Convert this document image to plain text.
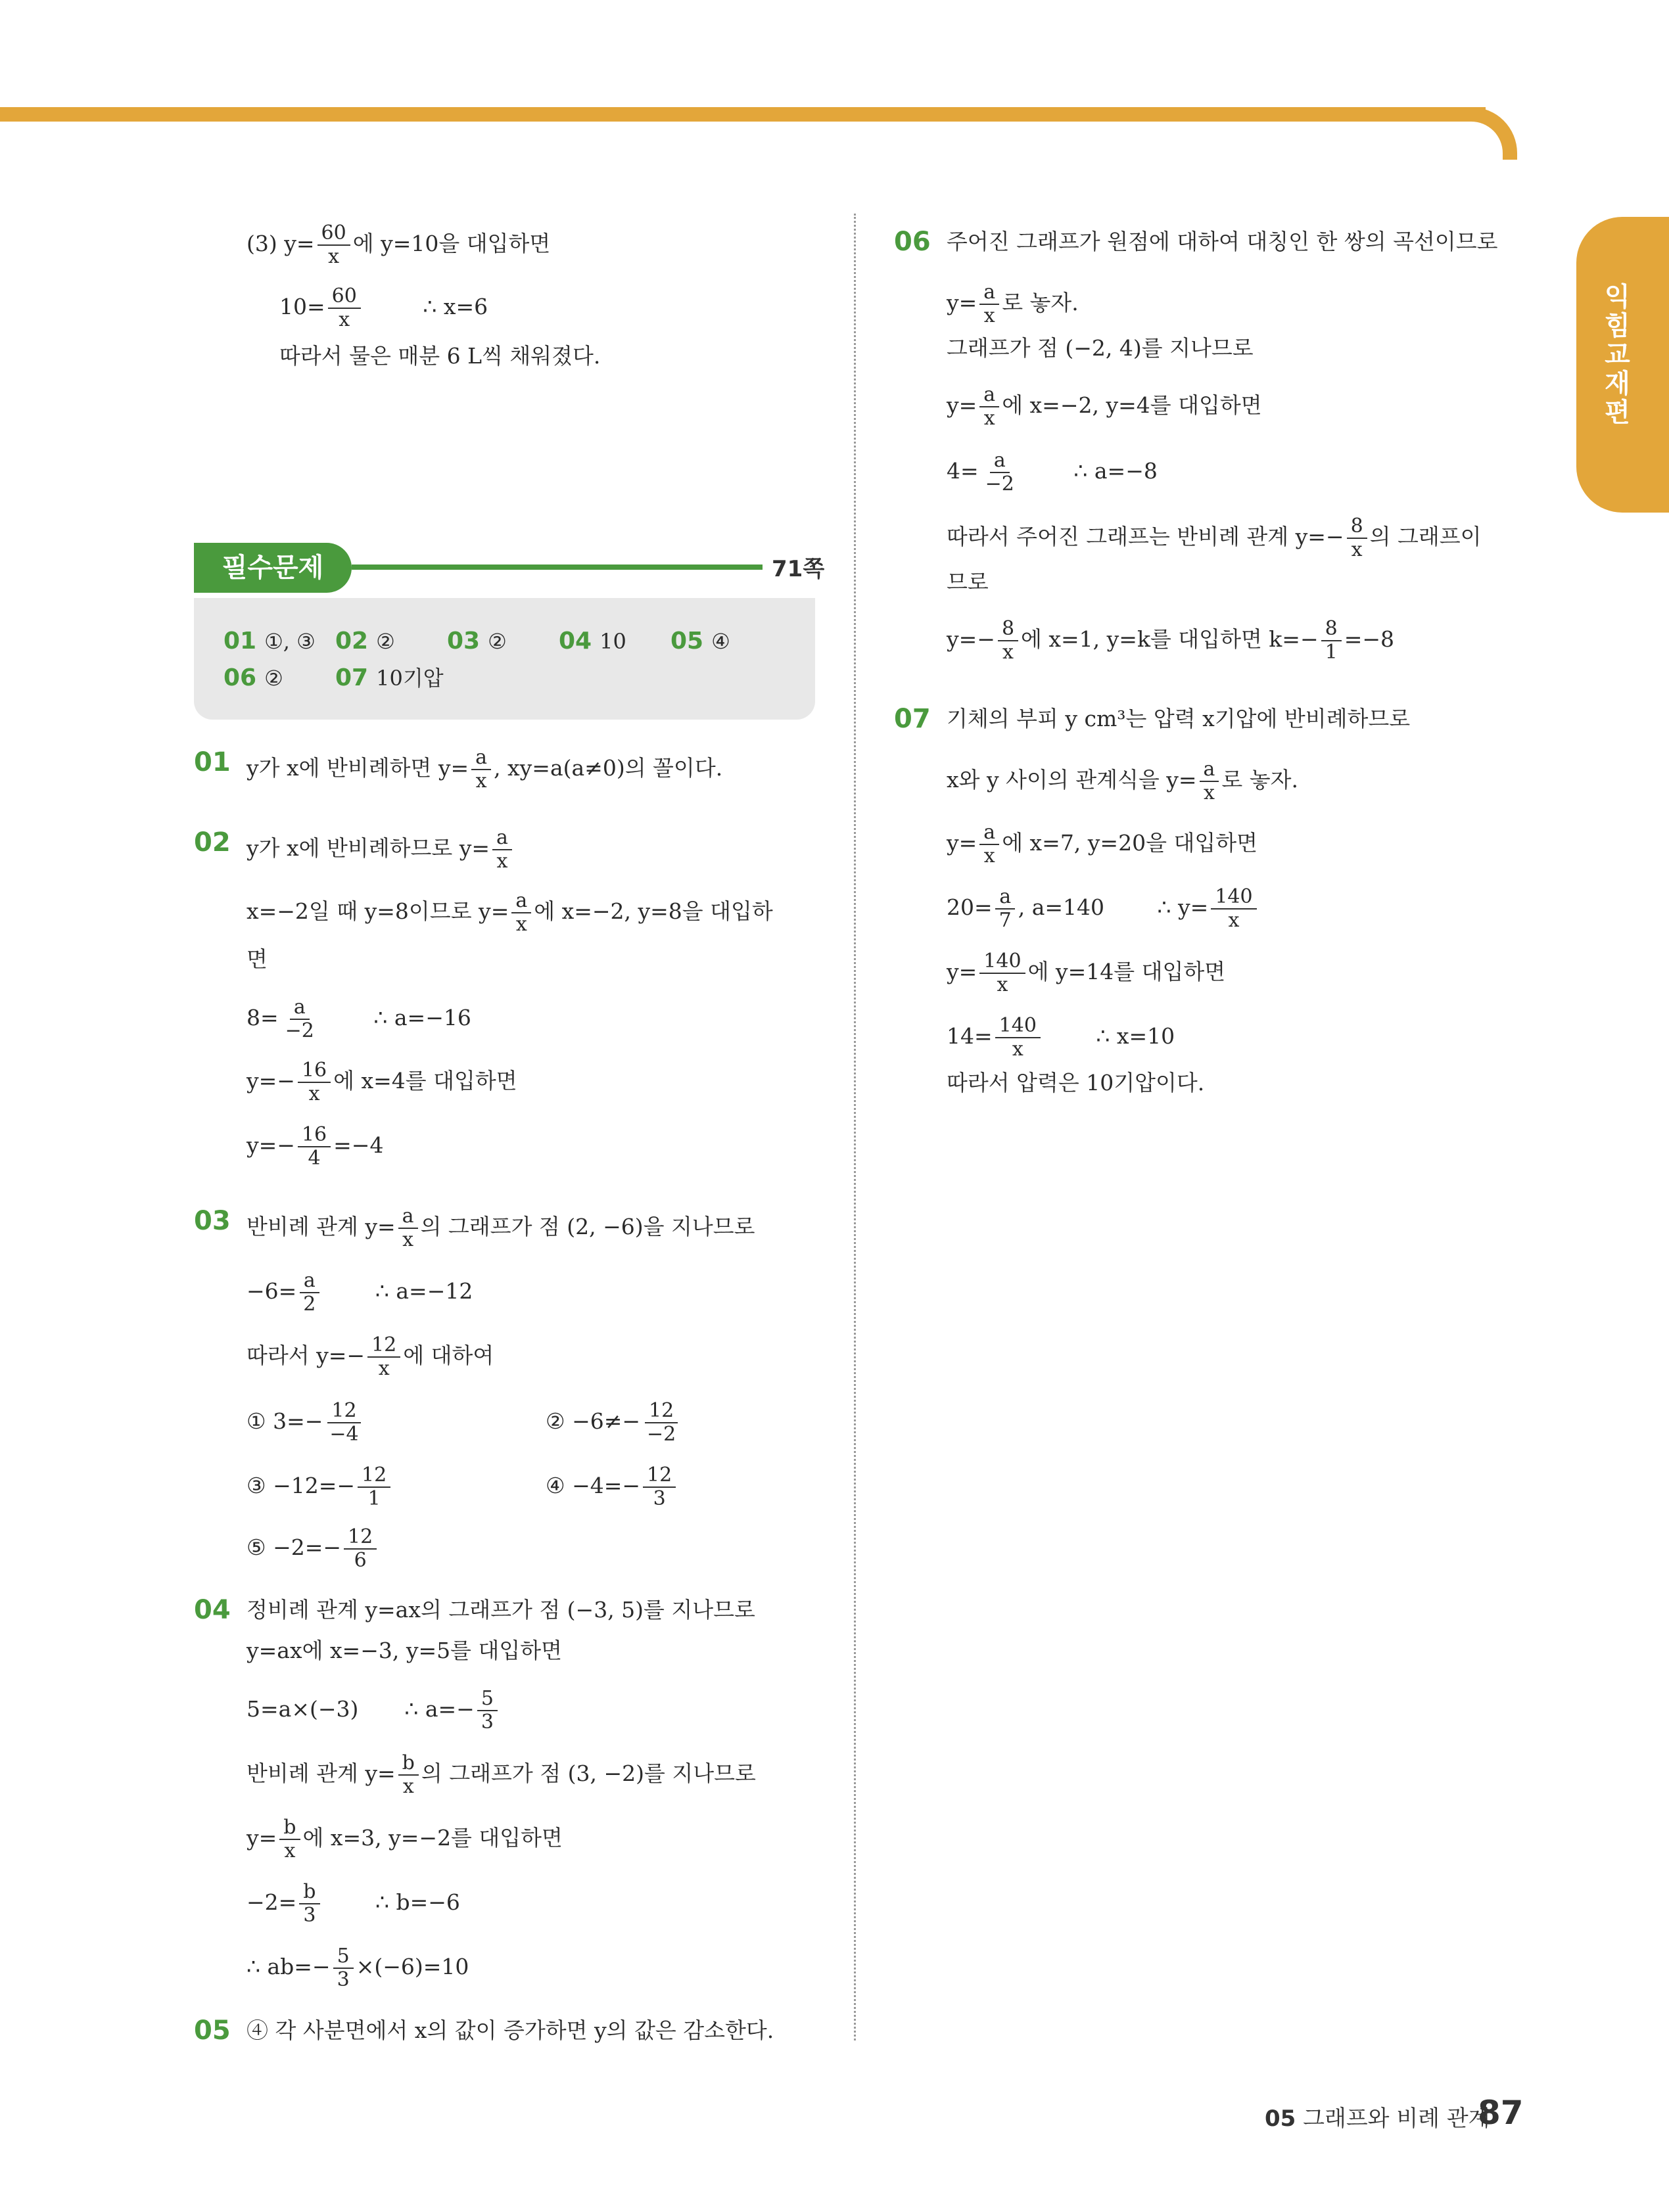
익힘교재편
(3) $y= \frac{60}{x}$ 에 y=10을 대입하면
$10= \frac{60}{x}$	∴ x=6
따라서 물은 매분 6 L씩 채워졌다.
필수문제	71쪽
01 ①, ③ 02 ② 03 ② 04 10 05 ④
06 ② 07 10기압
01 y가 x에 반비례하면 $y= \frac{a}{x}$ , xy=a(a≠0)의 꼴이다.
02 y가 x에 반비례하므로 $y= \frac{a}{x}$
x=−2일 때 y=8이므로 $y= \frac{a}{x}$ 에 x=−2, y=8을 대입하
면
$8= \frac{a}{-2}$	∴ a=−16
$y=- \frac{16}{x}$ 에 x=4를 대입하면
$y=- \frac{16}{4} =-4$
03 반비례 관계 $y= \frac{a}{x}$ 의 그래프가 점 (2, −6)을 지나므로
$-6= \frac{a}{2}$	∴ a=−12
따라서 $y=- \frac{12}{x}$ 에 대하여
① $3=- \frac{12}{-4}$	② $-6\ne- \frac{12}{-2}$
③ $-12=- \frac{12}{1}$	④ $-4=- \frac{12}{3}$
⑤ $-2=- \frac{12}{6}$
04 정비례 관계 y=ax의 그래프가 점 (−3, 5)를 지나므로
y=ax에 x=−3, y=5를 대입하면
5=a×(−3) ∴ $a=- \frac{5}{3}$
반비례 관계 $y= \frac{b}{x}$ 의 그래프가 점 (3, −2)를 지나므로
$y= \frac{b}{x}$ 에 x=3, y=−2를 대입하면
$-2= \frac{b}{3}$	∴ b=−6
∴ $ab=- \frac{5}{3} \times(-6)=10$
05 ④ 각 사분면에서 x의 값이 증가하면 y의 값은 감소한다.
06 주어진 그래프가 원점에 대하여 대칭인 한 쌍의 곡선이므로
$y= \frac{a}{x}$ 로 놓자.
그래프가 점 (−2, 4)를 지나므로
$y= \frac{a}{x}$ 에 x=−2, y=4를 대입하면
$4= \frac{a}{-2}$	∴ a=−8
따라서 주어진 그래프는 반비례 관계 $y=- \frac{8}{x}$ 의 그래프이
므로
$y=- \frac{8}{x}$ 에 x=1, y=k를 대입하면 $k=- \frac{8}{1} =-8$
07 기체의 부피 y cm³는 압력 x기압에 반비례하므로
x와 y 사이의 관계식을 $y= \frac{a}{x}$ 로 놓자.
$y= \frac{a}{x}$ 에 x=7, y=20을 대입하면
$20= \frac{a}{7}$ , a=140 ∴ $y= \frac{140}{x}$
$y= \frac{140}{x}$ 에 y=14를 대입하면
$14= \frac{140}{x}$	∴ x=10
따라서 압력은 10기압이다.
05 그래프와 비례 관계
87
